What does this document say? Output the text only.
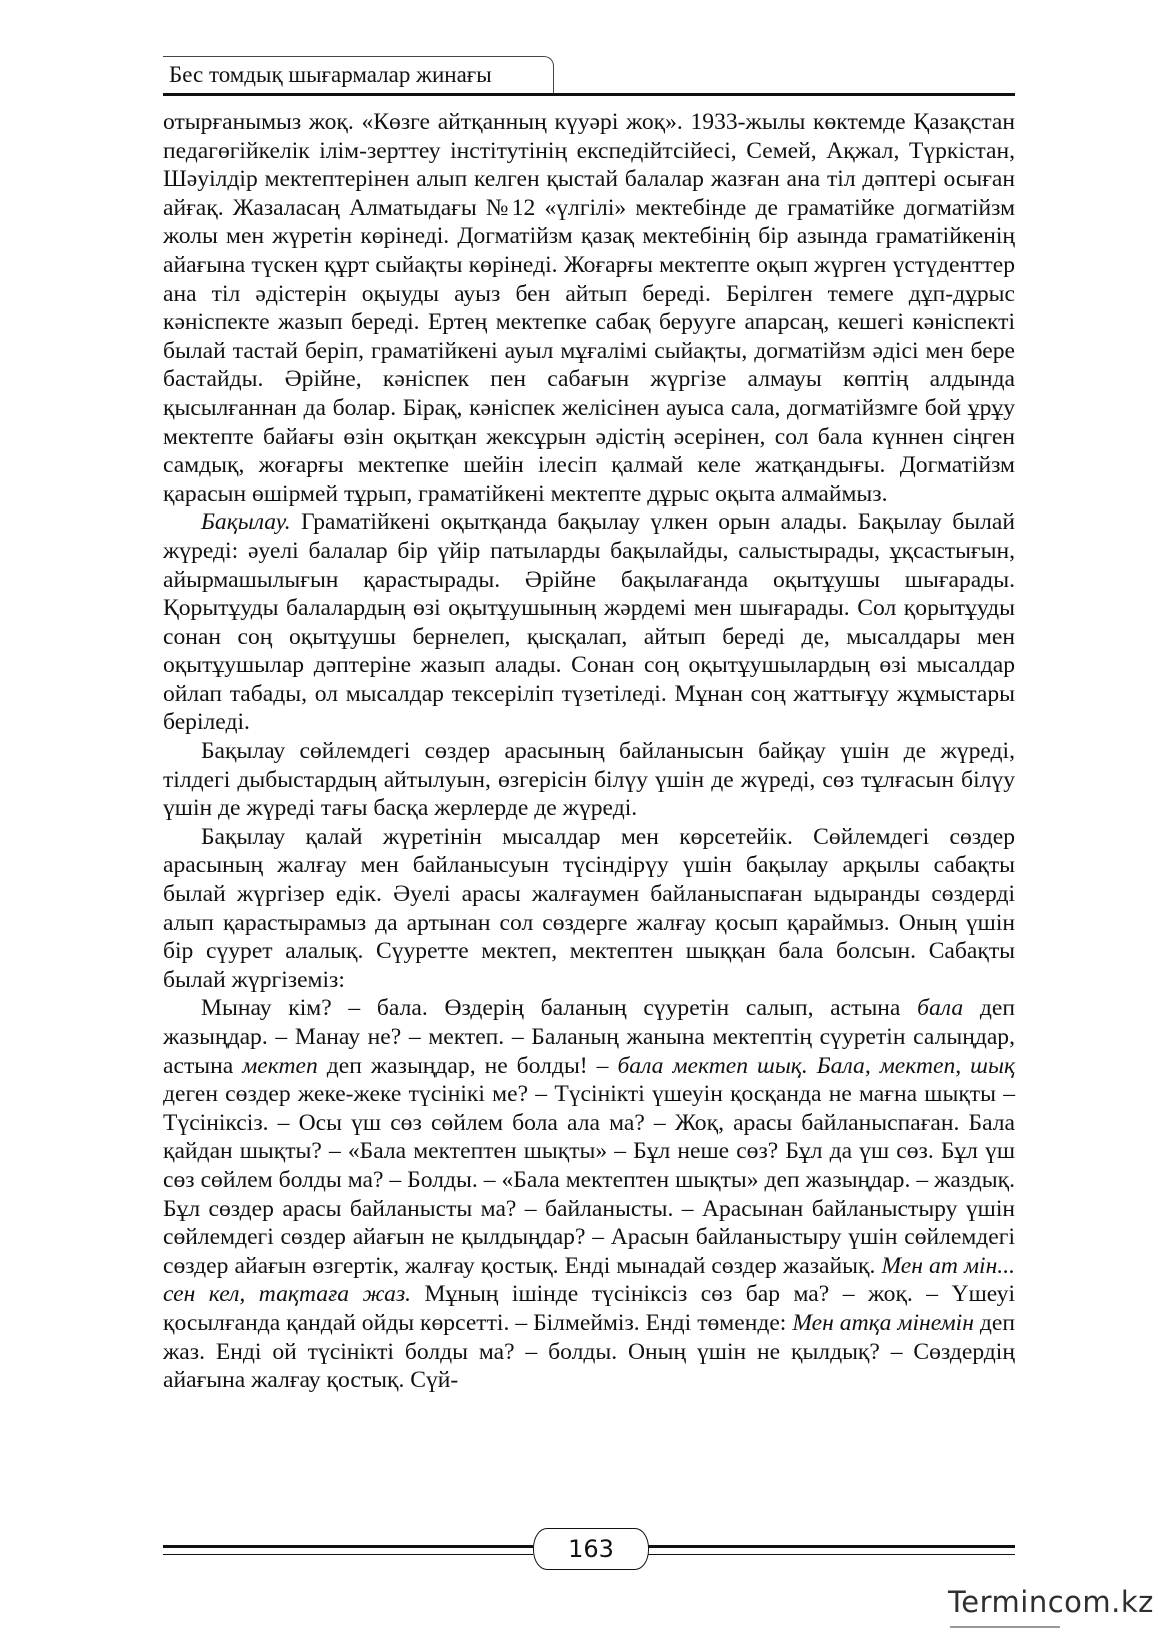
Бес томдық шығармалар жинағы

отырғанымыз жоқ. «Көзге айтқанның күуәрі жоқ». 1933-жылы көктемде Қазақстан педагөгійкелік ілім-зерттеу інстітутінің експедійтсійесі, Семей, Ақжал, Түркістан, Шәуілдір мектептерінен алып келген қыстай балалар жазған ана тіл дәптері осыған айғақ. Жазаласаң Алматыдағы №12 «үлгілі» мектебінде де граматійке догматійзм жолы мен жүретін көрінеді. Догматійзм қазақ мектебінің бір азында граматійкенің айағына түскен құрт сыйақты көрінеді. Жоғарғы мектепте оқып жүрген үстүденттер ана тіл әдістерін оқыуды ауыз бен айтып береді. Берілген темеге дұп-дұрыс кәніспекте жазып береді. Ертең мектепке сабақ берууге апарсаң, кешегі кәніспекті былай тастай беріп, граматійкені ауыл мұғалімі сыйақты, догматійзм әдісі мен бере бастайды. Әрійне, кәніспек пен сабағын жүргізе алмауы көптің алдында қысылғаннан да болар. Бірақ, кәніспек желісінен ауыса сала, догматійзмге бой ұрұу мектепте байағы өзін оқытқан жексұрын әдістің әсерінен, сол бала күннен сіңген самдық, жоғарғы мектепке шейін ілесіп қалмай келе жатқандығы. Догматійзм қарасын өшірмей тұрып, граматійкені мектепте дұрыс оқыта алмаймыз.

Бақылау. Граматійкені оқытқанда бақылау үлкен орын алады. Бақылау былай жүреді: әуелі балалар бір үйір патыларды бақылайды, салыстырады, ұқсастығын, айырмашылығын қарастырады. Әрійне бақылағанда оқытұушы шығарады. Қорытұуды балалардың өзі оқытұушының жәрдемі мен шығарады. Сол қорытұуды сонан соң оқытұушы бернелеп, қысқалап, айтып береді де, мысалдары мен оқытұушылар дәптеріне жазып алады. Сонан соң оқытұушылардың өзі мысалдар ойлап табады, ол мысалдар тексеріліп түзетіледі. Мұнан соң жаттығұу жұмыстары беріледі.

Бақылау сөйлемдегі сөздер арасының байланысын байқау үшін де жүреді, тілдегі дыбыстардың айтылуын, өзгерісін білүу үшін де жүреді, сөз тұлғасын білүу үшін де жүреді тағы басқа жерлерде де жүреді.

Бақылау қалай жүретінін мысалдар мен көрсетейік. Сөйлемдегі сөздер арасының жалғау мен байланысуын түсіндірүу үшін бақылау арқылы сабақты былай жүргізер едік. Әуелі арасы жалғаумен байланыспаған ыдыранды сөздерді алып қарастырамыз да артынан сол сөздерге жалғау қосып қараймыз. Оның үшін бір сүурет алалық. Сүуретте мектеп, мектептен шыққан бала болсын. Сабақты былай жүргіземіз:

Мынау кім? – бала. Өздерің баланың сүуретін салып, астына бала деп жазыңдар. – Манау не? – мектеп. – Баланың жанына мектептің сүуретін салыңдар, астына мектеп деп жазыңдар, не болды! – бала мектеп шық. Бала, мектеп, шық деген сөздер жеке-жеке түсінікі ме? – Түсінікті үшеуін қосқанда не мағна шықты – Түсініксіз. – Осы үш сөз сөйлем бола ала ма? – Жоқ, арасы байланыспаған. Бала қайдан шықты? – «Бала мектептен шықты» – Бұл неше сөз? Бұл да үш сөз. Бұл үш сөз сөйлем болды ма? – Болды. – «Бала мектептен шықты» деп жазыңдар. – жаздық. Бұл сөздер арасы байланысты ма? – байланысты. – Арасынан байланыстыру үшін сөйлемдегі сөздер айағын не қылдыңдар? – Арасын байланыстыру үшін сөйлемдегі сөздер айағын өзгертік, жалғау қостық. Енді мынадай сөздер жазайық. Мен ат мін... сен кел, тақтаға жаз. Мұның ішінде түсініксіз сөз бар ма? – жоқ. – Үшеуі қосылғанда қандай ойды көрсетті. – Білмейміз. Енді төменде: Мен атқа мінемін деп жаз. Енді ой түсінікті болды ма? – болды. Оның үшін не қылдық? – Сөздердің айағына жалғау қостық. Сүй-

163
Termincom.kz
